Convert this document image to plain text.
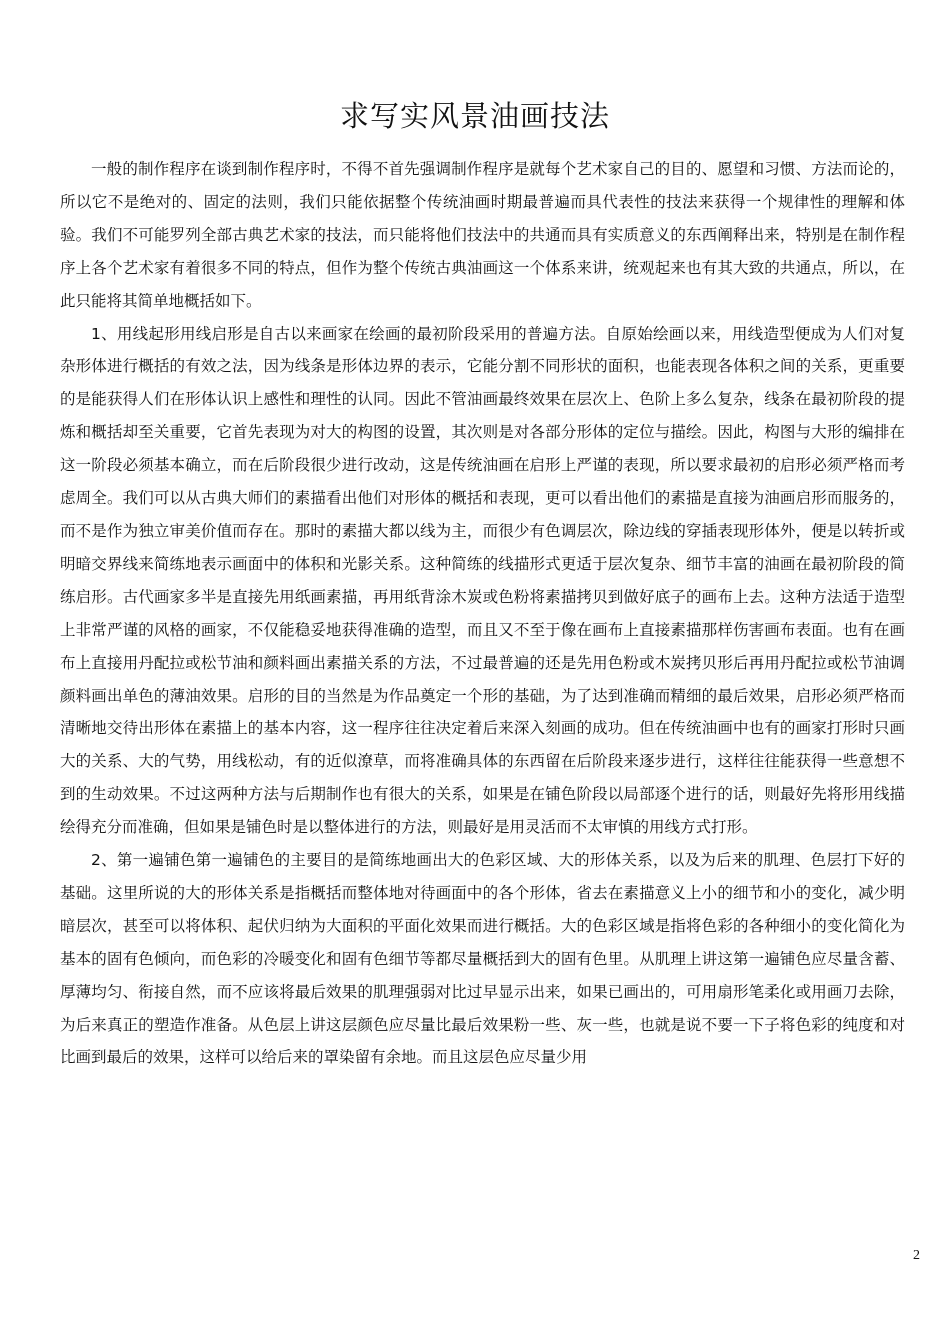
求写实风景油画技法

一般的制作程序在谈到制作程序时，不得不首先强调制作程序是就每个艺术家自己的目的、愿望和习惯、方法而论的，所以它不是绝对的、固定的法则，我们只能依据整个传统油画时期最普遍而具代表性的技法来获得一个规律性的理解和体验。我们不可能罗列全部古典艺术家的技法，而只能将他们技法中的共通而具有实质意义的东西阐释出来，特别是在制作程序上各个艺术家有着很多不同的特点，但作为整个传统古典油画这一个体系来讲，统观起来也有其大致的共通点，所以，在此只能将其简单地概括如下。

1、用线起形用线启形是自古以来画家在绘画的最初阶段采用的普遍方法。自原始绘画以来，用线造型便成为人们对复杂形体进行概括的有效之法，因为线条是形体边界的表示，它能分割不同形状的面积，也能表现各体积之间的关系，更重要的是能获得人们在形体认识上感性和理性的认同。因此不管油画最终效果在层次上、色阶上多么复杂，线条在最初阶段的提炼和概括却至关重要，它首先表现为对大的构图的设置，其次则是对各部分形体的定位与描绘。因此，构图与大形的编排在这一阶段必须基本确立，而在后阶段很少进行改动，这是传统油画在启形上严谨的表现，所以要求最初的启形必须严格而考虑周全。我们可以从古典大师们的素描看出他们对形体的概括和表现，更可以看出他们的素描是直接为油画启形而服务的，而不是作为独立审美价值而存在。那时的素描大都以线为主，而很少有色调层次，除边线的穿插表现形体外，便是以转折或明暗交界线来简练地表示画面中的体积和光影关系。这种简练的线描形式更适于层次复杂、细节丰富的油画在最初阶段的简练启形。古代画家多半是直接先用纸画素描，再用纸背涂木炭或色粉将素描拷贝到做好底子的画布上去。这种方法适于造型上非常严谨的风格的画家，不仅能稳妥地获得准确的造型，而且又不至于像在画布上直接素描那样伤害画布表面。也有在画布上直接用丹配拉或松节油和颜料画出素描关系的方法，不过最普遍的还是先用色粉或木炭拷贝形后再用丹配拉或松节油调颜料画出单色的薄油效果。启形的目的当然是为作品奠定一个形的基础，为了达到准确而精细的最后效果，启形必须严格而清晰地交待出形体在素描上的基本内容，这一程序往往决定着后来深入刻画的成功。但在传统油画中也有的画家打形时只画大的关系、大的气势，用线松动，有的近似潦草，而将准确具体的东西留在后阶段来逐步进行，这样往往能获得一些意想不到的生动效果。不过这两种方法与后期制作也有很大的关系，如果是在铺色阶段以局部逐个进行的话，则最好先将形用线描绘得充分而准确，但如果是铺色时是以整体进行的方法，则最好是用灵活而不太审慎的用线方式打形。

2、第一遍铺色第一遍铺色的主要目的是简练地画出大的色彩区域、大的形体关系，以及为后来的肌理、色层打下好的基础。这里所说的大的形体关系是指概括而整体地对待画面中的各个形体，省去在素描意义上小的细节和小的变化，减少明暗层次，甚至可以将体积、起伏归纳为大面积的平面化效果而进行概括。大的色彩区域是指将色彩的各种细小的变化简化为基本的固有色倾向，而色彩的冷暖变化和固有色细节等都尽量概括到大的固有色里。从肌理上讲这第一遍铺色应尽量含蓄、厚薄均匀、衔接自然，而不应该将最后效果的肌理强弱对比过早显示出来，如果已画出的，可用扇形笔柔化或用画刀去除，为后来真正的塑造作准备。从色层上讲这层颜色应尽量比最后效果粉一些、灰一些，也就是说不要一下子将色彩的纯度和对比画到最后的效果，这样可以给后来的罩染留有余地。而且这层色应尽量少用

2
